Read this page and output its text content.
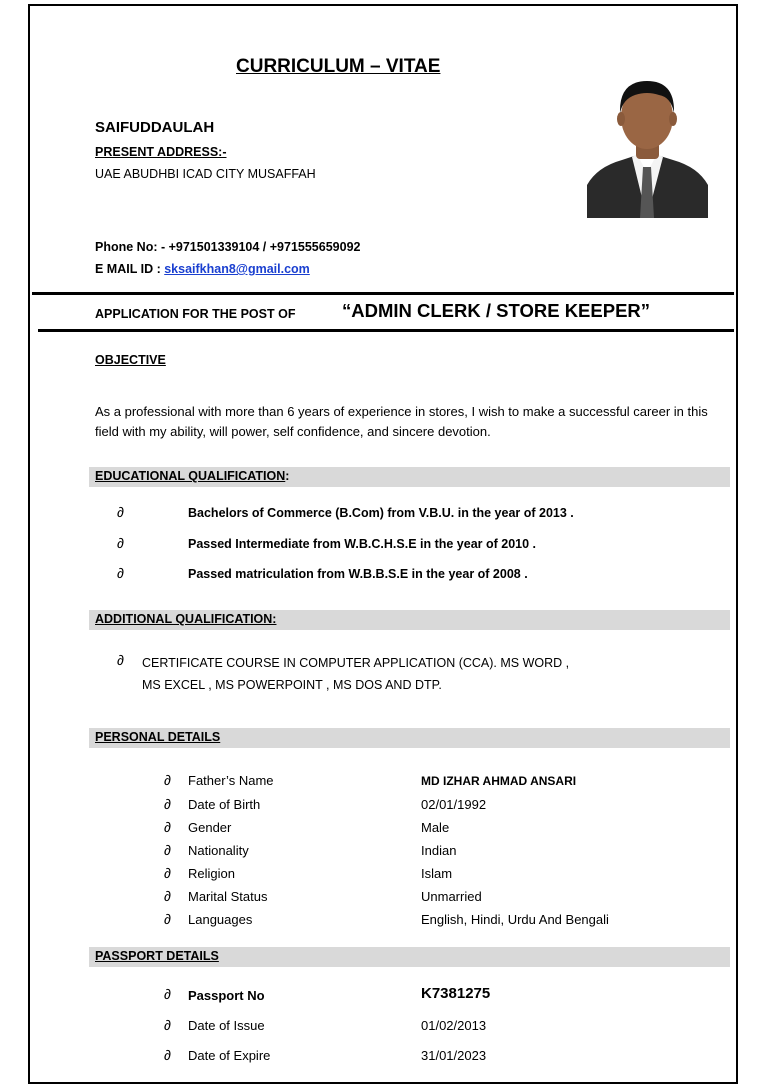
CURRICULUM – VITAE
SAIFUDDAULAH
PRESENT ADDRESS:-
UAE ABUDHBI ICAD CITY MUSAFFAH
Phone No: - +971501339104 / +971555659092
E MAIL ID : sksaifkhan8@gmail.com
APPLICATION FOR THE POST OF	“ADMIN CLERK / STORE KEEPER”
OBJECTIVE
As a professional with more than 6 years of experience in stores, I wish to make a successful career in this field with my ability, will power, self confidence, and sincere devotion.
EDUCATIONAL QUALIFICATION:
∂	Bachelors of Commerce (B.Com) from V.B.U. in the year of 2013 .
∂	Passed Intermediate from W.B.C.H.S.E in the year of 2010 .
∂	Passed matriculation from W.B.B.S.E in the year of 2008 .
ADDITIONAL QUALIFICATION:
∂ CERTIFICATE COURSE IN COMPUTER APPLICATION (CCA). MS WORD ,
MS EXCEL , MS POWERPOINT , MS DOS AND DTP.
PERSONAL DETAILS
∂ Father’s Name	MD IZHAR AHMAD ANSARI
∂ Date of Birth	02/01/1992
∂ Gender	Male
∂ Nationality	Indian
∂ Religion	Islam
∂ Marital Status	Unmarried
∂ Languages	English, Hindi, Urdu And Bengali
PASSPORT DETAILS
∂ Passport No	K7381275
∂ Date of Issue	01/02/2013
∂ Date of Expire	31/01/2023
